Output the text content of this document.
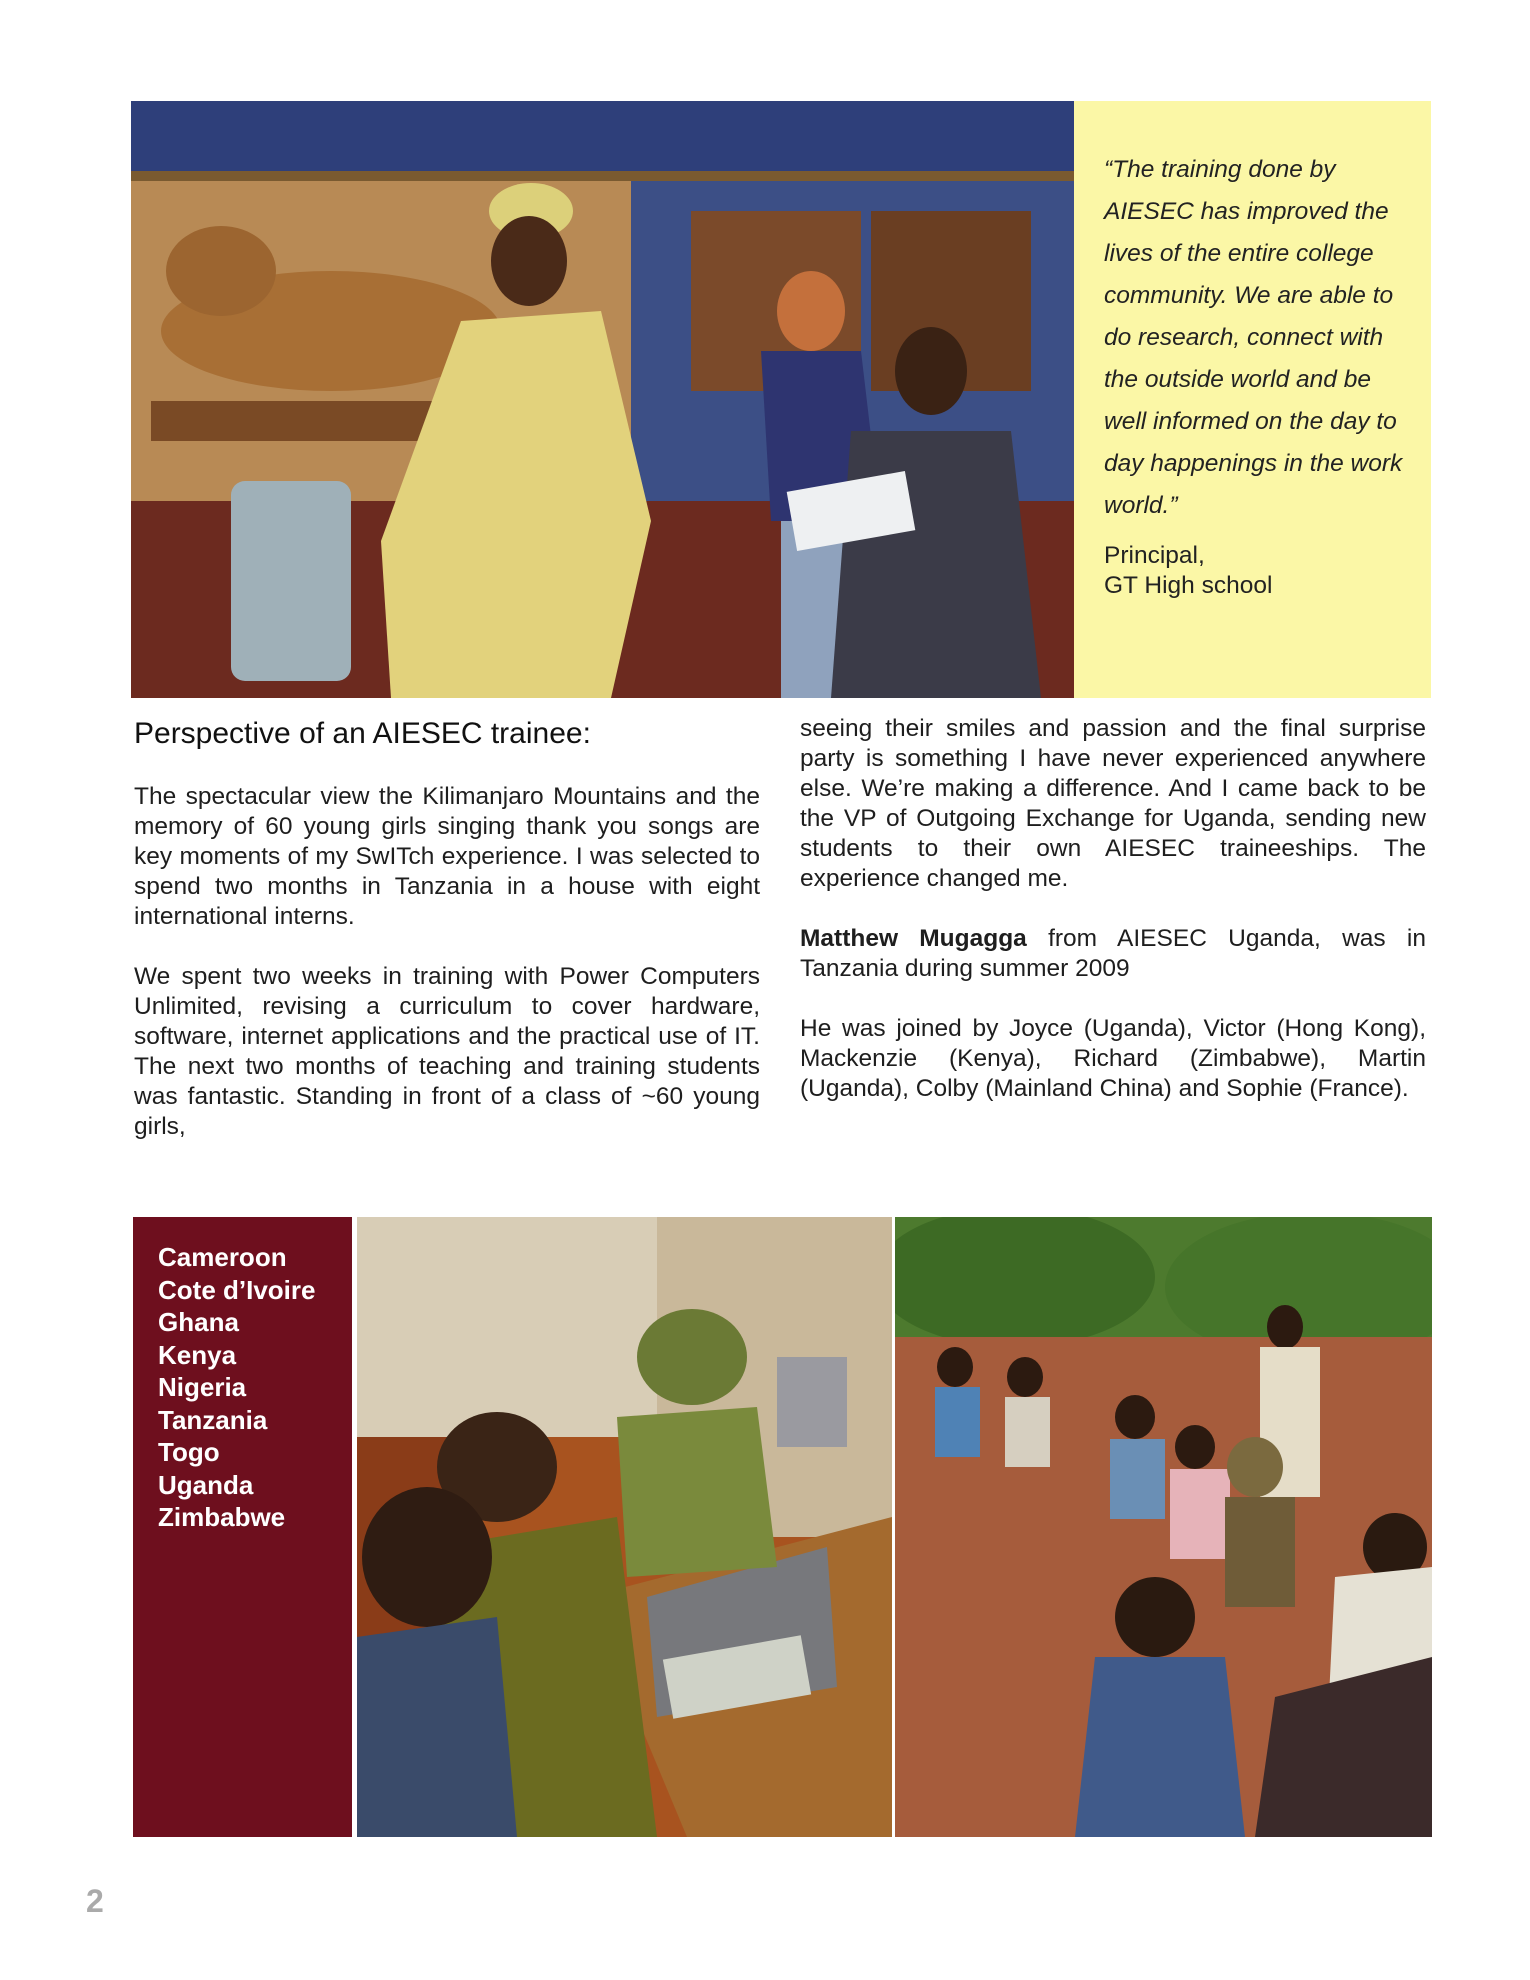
“The training done by AIESEC has improved the lives of the entire college community. We are able to do research, connect with the outside world and be well informed on the day to day happenings in the work world.”

Principal,
GT High school
Perspective of an AIESEC trainee:

The spectacular view the Kilimanjaro Mountains and the memory of 60 young girls singing thank you songs are key moments of my SwITch experience. I was selected to spend two months in Tanzania in a house with eight international interns.

We spent two weeks in training with Power Computers Unlimited, revising a curriculum to cover hardware, software, internet applications and the practical use of IT. The next two months of teaching and training students was fantastic. Standing in front of a class of ~60 young girls,

seeing their smiles and passion and the final surprise party is something I have never experienced anywhere else. We’re making a difference. And I came back to be the VP of Outgoing Exchange for Uganda, sending new students to their own AIESEC traineeships. The experience changed me.

Matthew Mugagga from AIESEC Uganda, was in Tanzania during summer 2009

He was joined by Joyce (Uganda), Victor (Hong Kong), Mackenzie (Kenya), Richard (Zimbabwe), Martin (Uganda), Colby (Mainland China) and Sophie (France).

Cameroon
Cote d’Ivoire
Ghana
Kenya
Nigeria
Tanzania
Togo
Uganda
Zimbabwe
2
